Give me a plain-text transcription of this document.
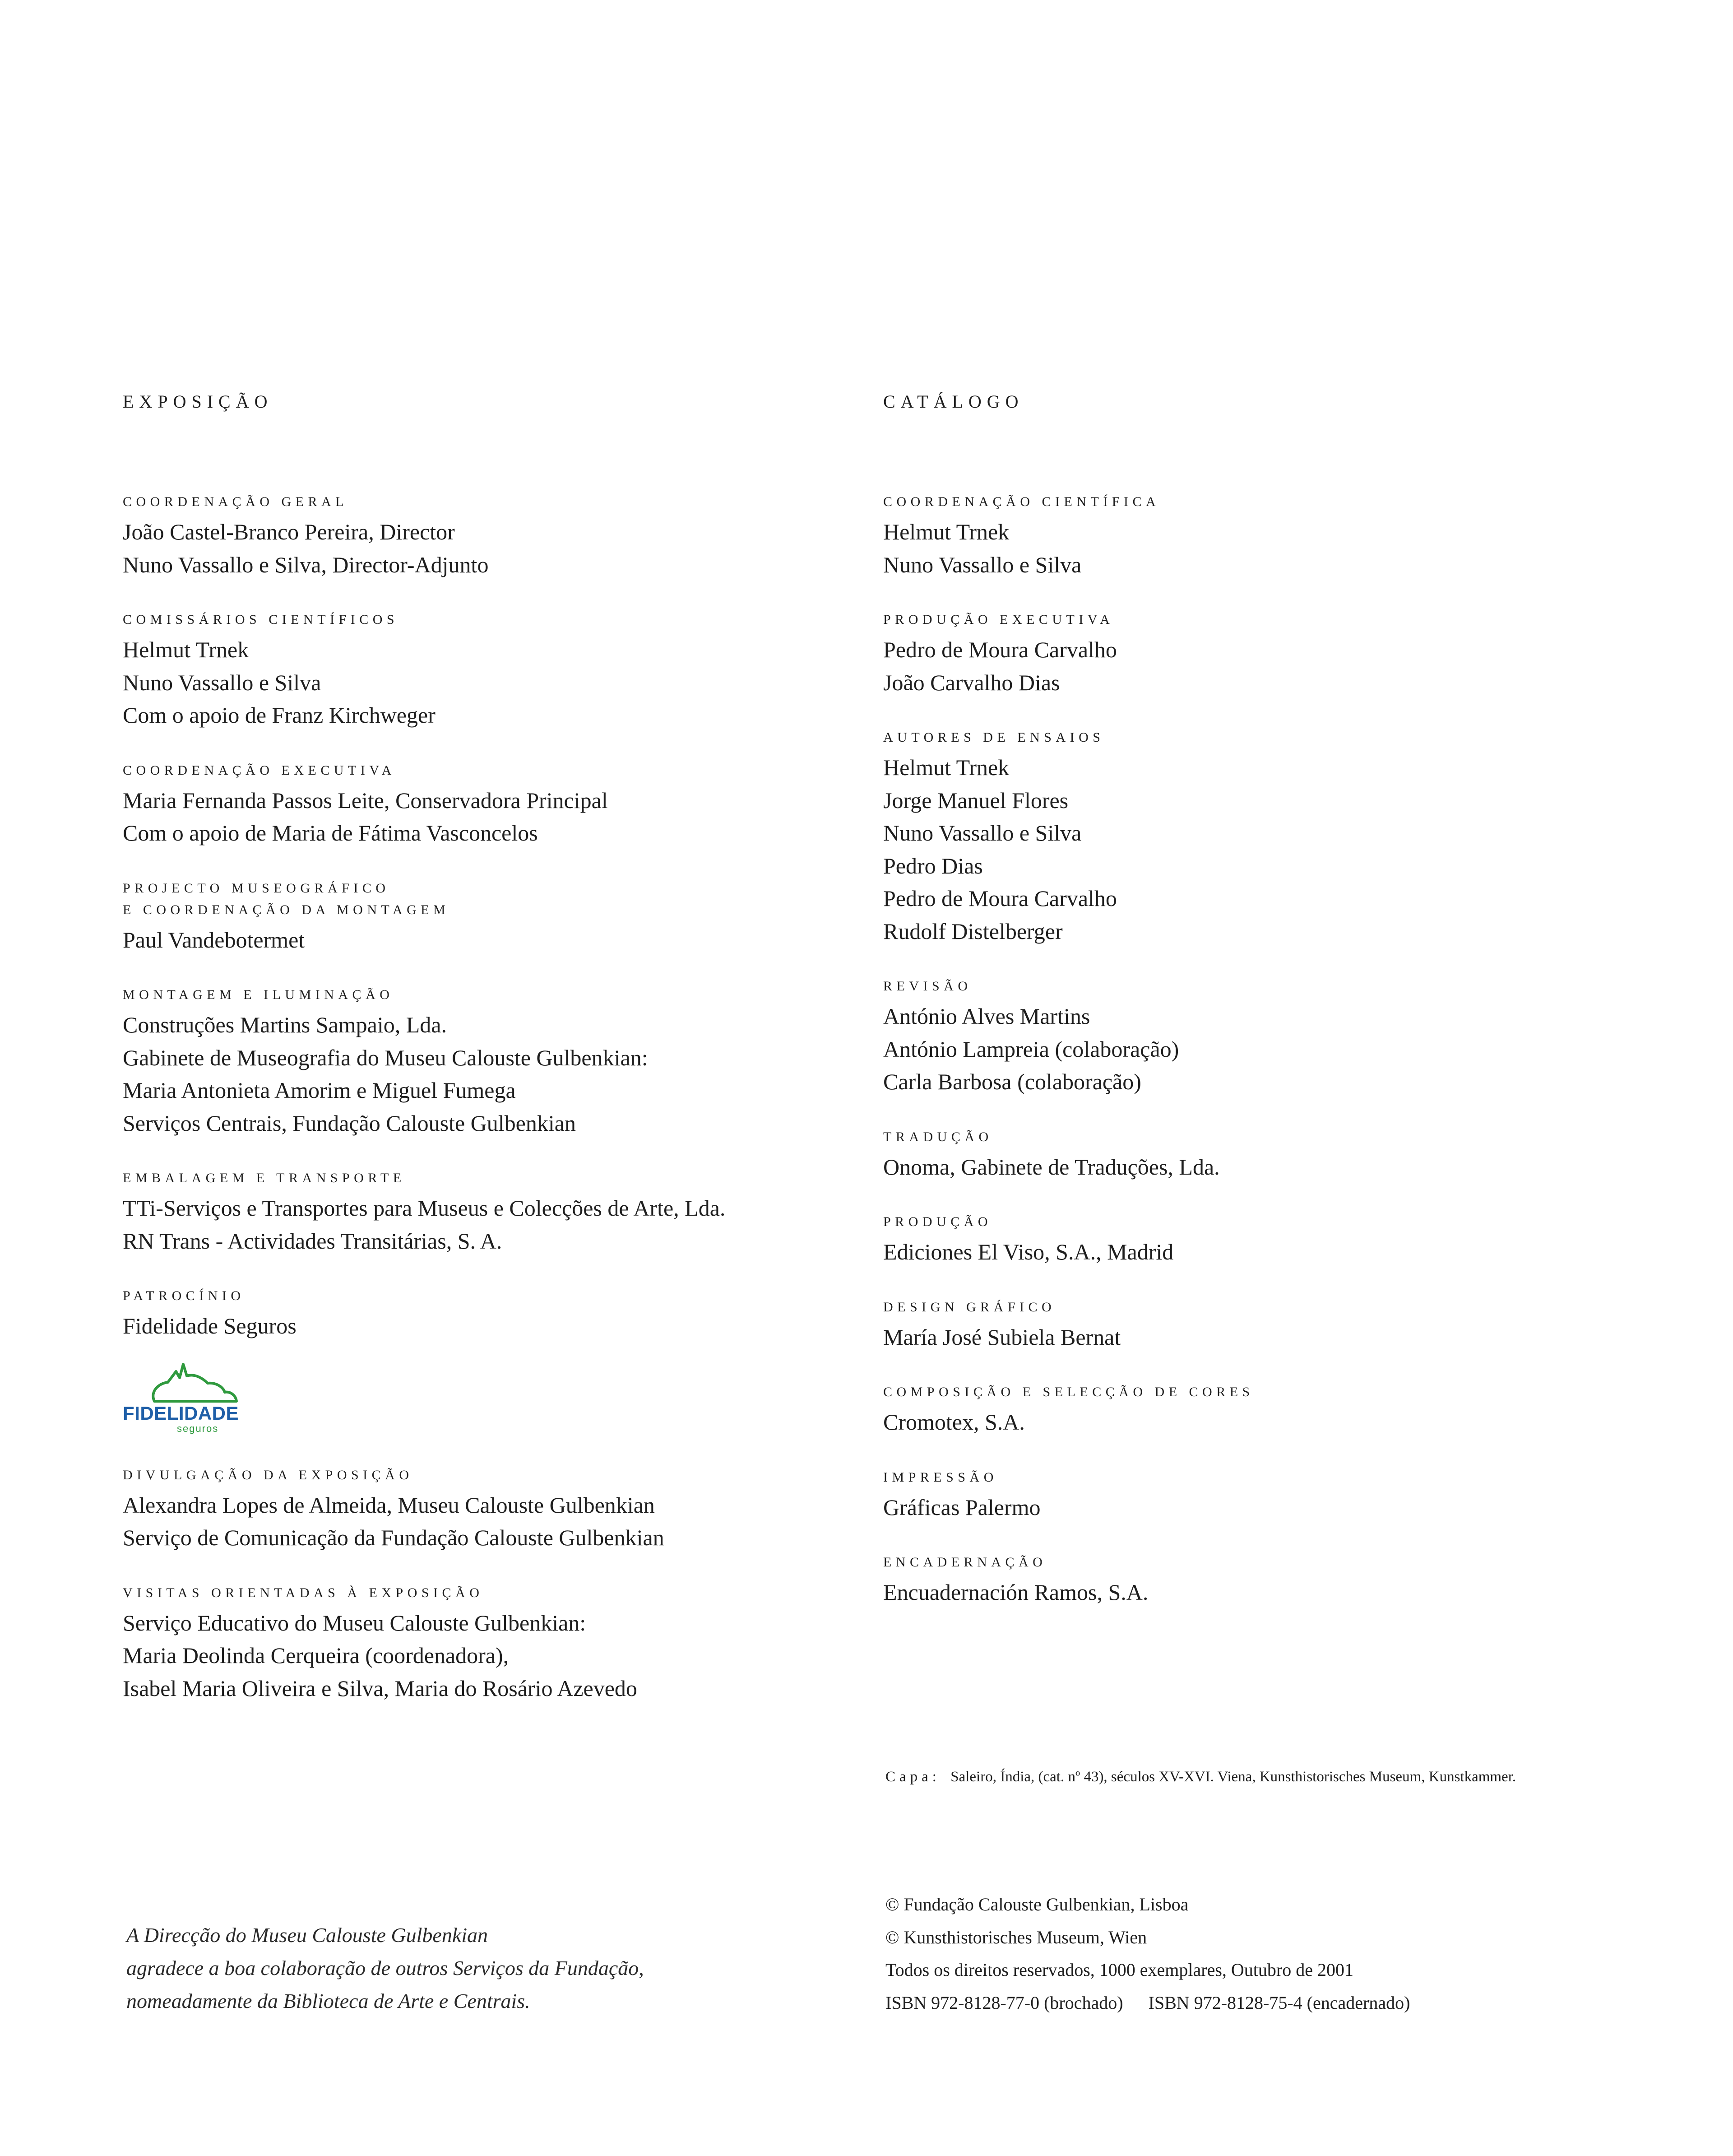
EXPOSIÇÃO
COORDENAÇÃO GERAL
João Castel-Branco Pereira, Director
Nuno Vassallo e Silva, Director-Adjunto
COMISSÁRIOS CIENTÍFICOS
Helmut Trnek
Nuno Vassallo e Silva
Com o apoio de Franz Kirchweger
COORDENAÇÃO EXECUTIVA
Maria Fernanda Passos Leite, Conservadora Principal
Com o apoio de Maria de Fátima Vasconcelos
PROJECTO MUSEOGRÁFICO
E COORDENAÇÃO DA MONTAGEM
Paul Vandebotermet
MONTAGEM E ILUMINAÇÃO
Construções Martins Sampaio, Lda.
Gabinete de Museografia do Museu Calouste Gulbenkian:
Maria Antonieta Amorim e Miguel Fumega
Serviços Centrais, Fundação Calouste Gulbenkian
EMBALAGEM E TRANSPORTE
TTi-Serviços e Transportes para Museus e Colecções de Arte, Lda.
RN Trans - Actividades Transitárias, S. A.
PATROCÍNIO
Fidelidade Seguros
FIDELIDADE
seguros
DIVULGAÇÃO DA EXPOSIÇÃO
Alexandra Lopes de Almeida, Museu Calouste Gulbenkian
Serviço de Comunicação da Fundação Calouste Gulbenkian
VISITAS ORIENTADAS À EXPOSIÇÃO
Serviço Educativo do Museu Calouste Gulbenkian:
Maria Deolinda Cerqueira (coordenadora),
Isabel Maria Oliveira e Silva, Maria do Rosário Azevedo
CATÁLOGO
COORDENAÇÃO CIENTÍFICA
Helmut Trnek
Nuno Vassallo e Silva
PRODUÇÃO EXECUTIVA
Pedro de Moura Carvalho
João Carvalho Dias
AUTORES DE ENSAIOS
Helmut Trnek
Jorge Manuel Flores
Nuno Vassallo e Silva
Pedro Dias
Pedro de Moura Carvalho
Rudolf Distelberger
REVISÃO
António Alves Martins
António Lampreia (colaboração)
Carla Barbosa (colaboração)
TRADUÇÃO
Onoma, Gabinete de Traduções, Lda.
PRODUÇÃO
Ediciones El Viso, S.A., Madrid
DESIGN GRÁFICO
María José Subiela Bernat
COMPOSIÇÃO E SELECÇÃO DE CORES
Cromotex, S.A.
IMPRESSÃO
Gráficas Palermo
ENCADERNAÇÃO
Encuadernación Ramos, S.A.
Capa: Saleiro, Índia, (cat. nº 43), séculos XV-XVI. Viena, Kunsthistorisches Museum, Kunstkammer.
A Direcção do Museu Calouste Gulbenkian
agradece a boa colaboração de outros Serviços da Fundação,
nomeadamente da Biblioteca de Arte e Centrais.
© Fundação Calouste Gulbenkian, Lisboa
© Kunsthistorisches Museum, Wien
Todos os direitos reservados, 1000 exemplares, Outubro de 2001
ISBN 972-8128-77-0 (brochado) ISBN 972-8128-75-4 (encadernado)
